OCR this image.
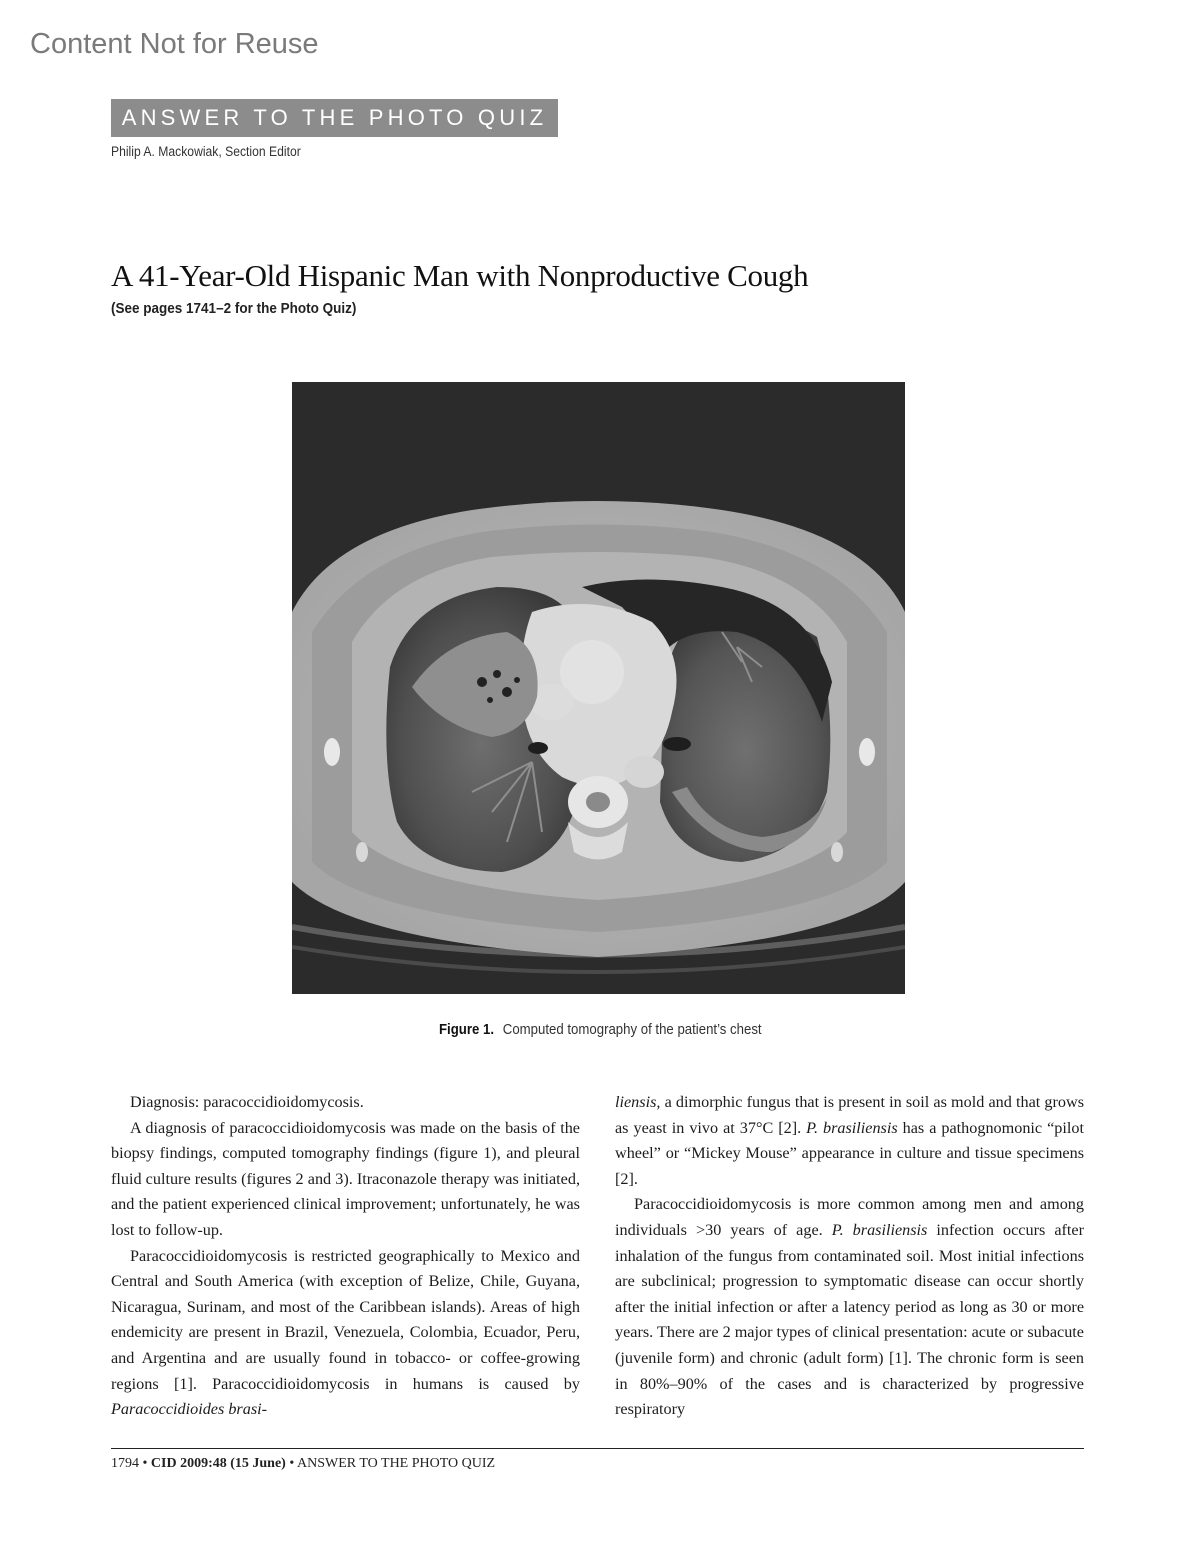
Content Not for Reuse
ANSWER TO THE PHOTO QUIZ
Philip A. Mackowiak, Section Editor
A 41-Year-Old Hispanic Man with Nonproductive Cough
(See pages 1741–2 for the Photo Quiz)
Figure 1. Computed tomography of the patient’s chest

Diagnosis: paracoccidioidomycosis.

A diagnosis of paracoccidioidomycosis was made on the basis of the biopsy findings, computed tomography findings (figure 1), and pleural fluid culture results (figures 2 and 3). Itraconazole therapy was initiated, and the patient experienced clinical improvement; unfortunately, he was lost to follow-up.

Paracoccidioidomycosis is restricted geographically to Mexico and Central and South America (with exception of Belize, Chile, Guyana, Nicaragua, Surinam, and most of the Caribbean islands). Areas of high endemicity are present in Brazil, Venezuela, Colombia, Ecuador, Peru, and Argentina and are usually found in tobacco- or coffee-growing regions [1]. Paracoccidioidomycosis in humans is caused by Paracoccidioides brasi-

liensis, a dimorphic fungus that is present in soil as mold and that grows as yeast in vivo at 37°C [2]. P. brasiliensis has a pathognomonic “pilot wheel” or “Mickey Mouse” appearance in culture and tissue specimens [2].

Paracoccidioidomycosis is more common among men and among individuals >30 years of age. P. brasiliensis infection occurs after inhalation of the fungus from contaminated soil. Most initial infections are subclinical; progression to symptomatic disease can occur shortly after the initial infection or after a latency period as long as 30 or more years. There are 2 major types of clinical presentation: acute or subacute (juvenile form) and chronic (adult form) [1]. The chronic form is seen in 80%–90% of the cases and is characterized by progressive respiratory

1794 • CID 2009:48 (15 June) • ANSWER TO THE PHOTO QUIZ
